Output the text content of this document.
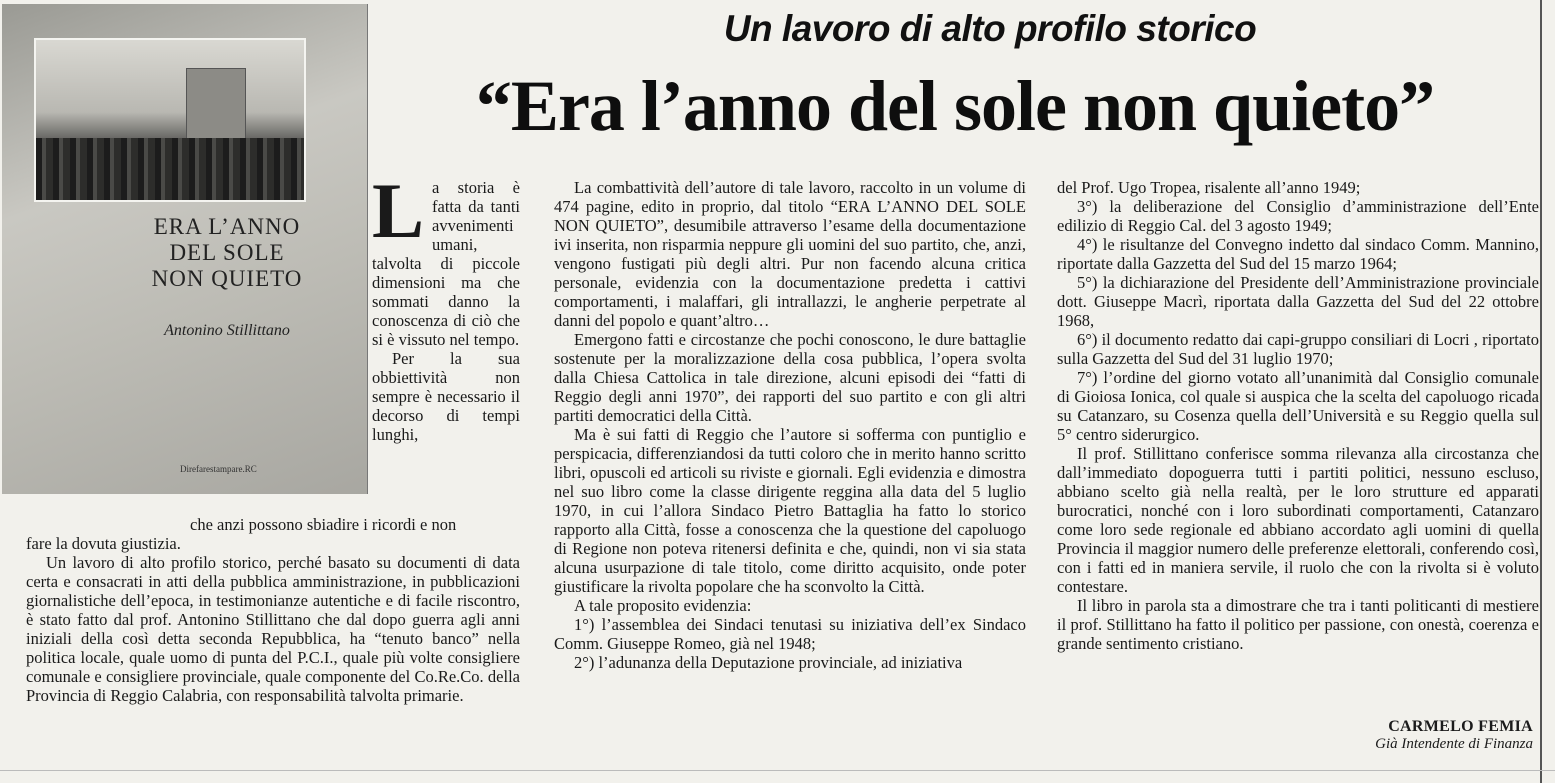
ERA L’ANNO
DEL SOLE
NON QUIETO
Antonino Stillittano
Direfarestampare.RC
Un lavoro di alto profilo storico
“Era l’anno del sole non quieto”

L a storia è fatta da tanti avvenimenti umani, talvolta di piccole dimensioni ma che sommati danno la conoscenza di ciò che si è vissuto nel tempo.

Per la sua obbiettività non sempre è necessario il decorso di tempi lunghi,

che anzi possono sbiadire i ricordi e non

fare la dovuta giustizia.

Un lavoro di alto profilo storico, perché basato su documenti di data certa e consacrati in atti della pubblica amministrazione, in pubblicazioni giornalistiche dell’epoca, in testimonianze autentiche e di facile riscontro, è stato fatto dal prof. Antonino Stillittano che dal dopo guerra agli anni iniziali della così detta seconda Repubblica, ha “tenuto banco” nella politica locale, quale uomo di punta del P.C.I., quale più volte consigliere comunale e consigliere provinciale, quale componente del Co.Re.Co. della Provincia di Reggio Calabria, con responsabilità talvolta primarie.

La combattività dell’autore di tale lavoro, raccolto in un volume di 474 pagine, edito in proprio, dal titolo “ERA L’ANNO DEL SOLE NON QUIETO”, desumibile attraverso l’esame della documentazione ivi inserita, non risparmia neppure gli uomini del suo partito, che, anzi, vengono fustigati più degli altri. Pur non facendo alcuna critica personale, evidenzia con la documentazione predetta i cattivi comportamenti, i malaffari, gli intrallazzi, le angherie perpetrate al danni del popolo e quant’altro…

Emergono fatti e circostanze che pochi conoscono, le dure battaglie sostenute per la moralizzazione della cosa pubblica, l’opera svolta dalla Chiesa Cattolica in tale direzione, alcuni episodi dei “fatti di Reggio degli anni 1970”, dei rapporti del suo partito e con gli altri partiti democratici della Città.

Ma è sui fatti di Reggio che l’autore si sofferma con puntiglio e perspicacia, differenziandosi da tutti coloro che in merito hanno scritto libri, opuscoli ed articoli su riviste e giornali. Egli evidenzia e dimostra nel suo libro come la classe dirigente reggina alla data del 5 luglio 1970, in cui l’allora Sindaco Pietro Battaglia ha fatto lo storico rapporto alla Città, fosse a conoscenza che la questione del capoluogo di Regione non poteva ritenersi definita e che, quindi, non vi sia stata alcuna usurpazione di tale titolo, come diritto acquisito, onde poter giustificare la rivolta popolare che ha sconvolto la Città.

A tale proposito evidenzia:

1°) l’assemblea dei Sindaci tenutasi su iniziativa dell’ex Sindaco Comm. Giuseppe Romeo, già nel 1948;

2°) l’adunanza della Deputazione provinciale, ad iniziativa

del Prof. Ugo Tropea, risalente all’anno 1949;

3°) la deliberazione del Consiglio d’amministrazione dell’Ente edilizio di Reggio Cal. del 3 agosto 1949;

4°) le risultanze del Convegno indetto dal sindaco Comm. Mannino, riportate dalla Gazzetta del Sud del 15 marzo 1964;

5°) la dichiarazione del Presidente dell’Amministrazione provinciale dott. Giuseppe Macrì, riportata dalla Gazzetta del Sud del 22 ottobre 1968,

6°) il documento redatto dai capi-gruppo consiliari di Locri , riportato sulla Gazzetta del Sud del 31 luglio 1970;

7°) l’ordine del giorno votato all’unanimità dal Consiglio comunale di Gioiosa Ionica, col quale si auspica che la scelta del capoluogo ricada su Catanzaro, su Cosenza quella dell’Università e su Reggio quella sul 5° centro siderurgico.

Il prof. Stillittano conferisce somma rilevanza alla circostanza che dall’immediato dopoguerra tutti i partiti politici, nessuno escluso, abbiano scelto già nella realtà, per le loro strutture ed apparati burocratici, nonché con i loro subordinati comportamenti, Catanzaro come loro sede regionale ed abbiano accordato agli uomini di quella Provincia il maggior numero delle preferenze elettorali, conferendo così, con i fatti ed in maniera servile, il ruolo che con la rivolta si è voluto contestare.

Il libro in parola sta a dimostrare che tra i tanti politicanti di mestiere il prof. Stillittano ha fatto il politico per passione, con onestà, coerenza e grande sentimento cristiano.

CARMELO FEMIA
Già Intendente di Finanza
